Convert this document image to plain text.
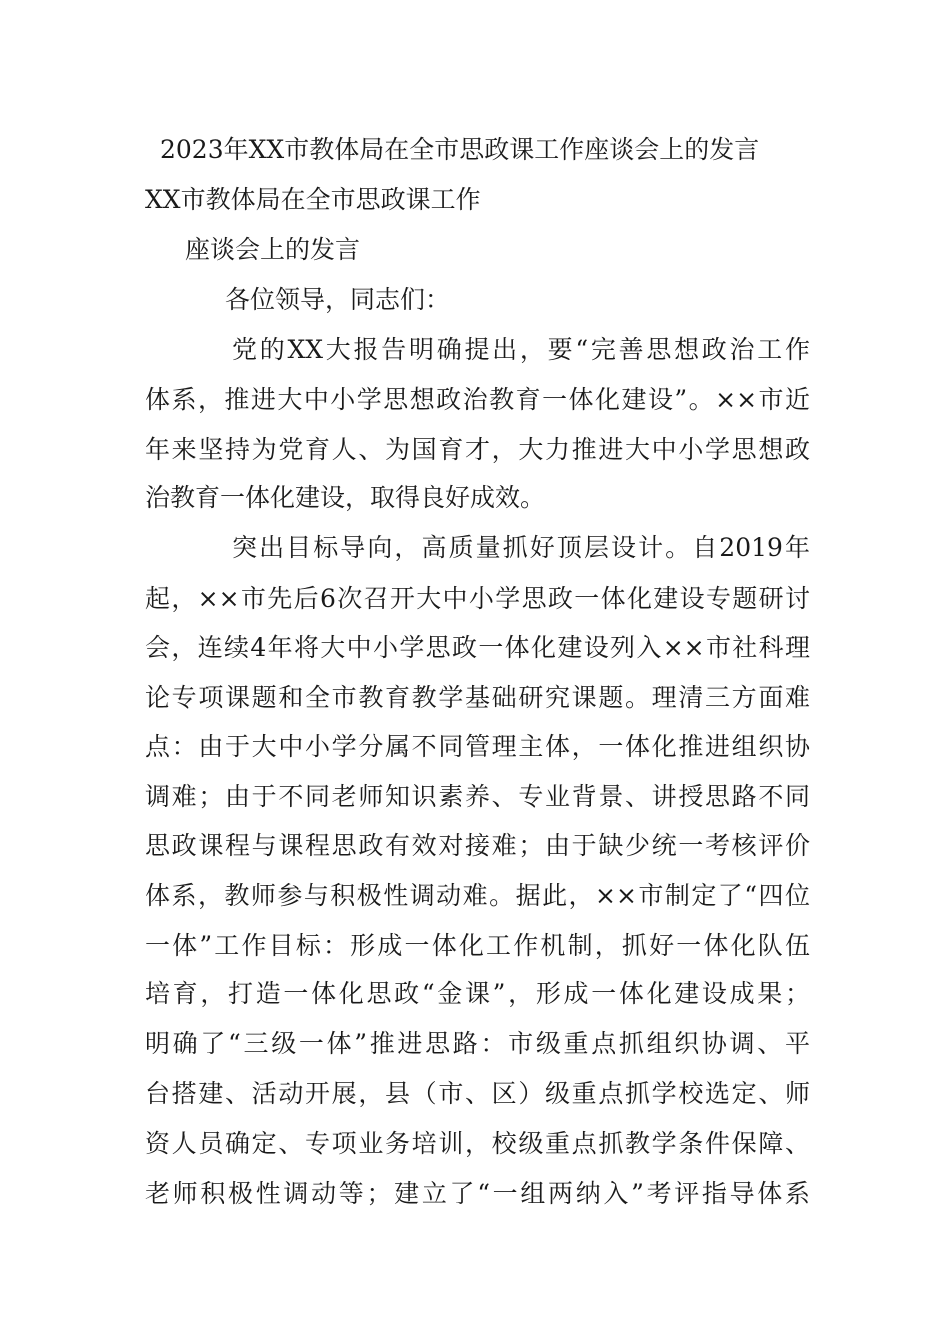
2023年XX市教体局在全市思政课工作座谈会上的发言
XX市教体局在全市思政课工作
座谈会上的发言
各位领导，同志们：
党的XX大报告明确提出，要“完善思想政治工作
体系，推进大中小学思想政治教育一体化建设”。××市近
年来坚持为党育人、为国育才，大力推进大中小学思想政
治教育一体化建设，取得良好成效。
突出目标导向，高质量抓好顶层设计。自2019年
起，××市先后6次召开大中小学思政一体化建设专题研讨
会，连续4年将大中小学思政一体化建设列入××市社科理
论专项课题和全市教育教学基础研究课题。理清三方面难
点：由于大中小学分属不同管理主体，一体化推进组织协
调难；由于不同老师知识素养、专业背景、讲授思路不同
思政课程与课程思政有效对接难；由于缺少统一考核评价
体系，教师参与积极性调动难。据此，××市制定了“四位
一体”工作目标：形成一体化工作机制，抓好一体化队伍
培育，打造一体化思政“金课”，形成一体化建设成果；
明确了“三级一体”推进思路：市级重点抓组织协调、平
台搭建、活动开展，县（市、区）级重点抓学校选定、师
资人员确定、专项业务培训，校级重点抓教学条件保障、
老师积极性调动等；建立了“一组两纳入”考评指导体系
